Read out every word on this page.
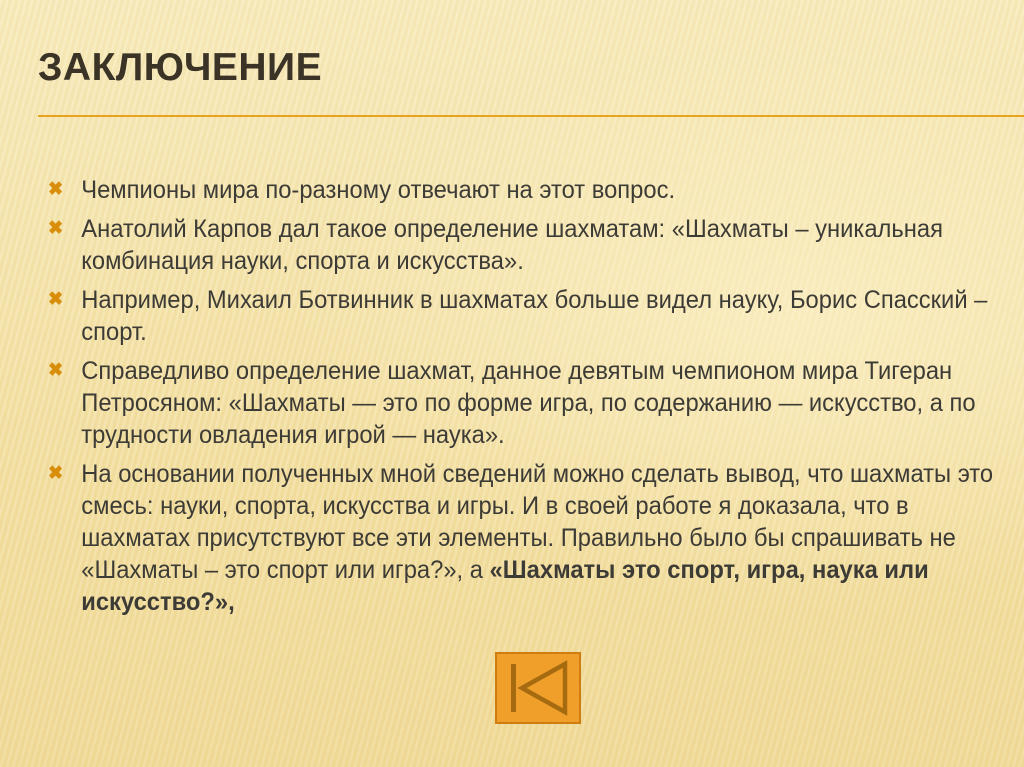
ЗАКЛЮЧЕНИЕ
✖ Чемпионы мира по-разному отвечают на этот вопрос.
✖ Анатолий Карпов дал такое определение шахматам: «Шахматы – уникальная комбинация науки, спорта и искусства».
✖ Например, Михаил Ботвинник в шахматах больше видел науку, Борис Спасский – спорт.
✖ Справедливо определение шахмат, данное девятым чемпионом мира Тигеран Петросяном: «Шахматы — это по форме игра, по содержанию — искусство, а по трудности овладения игрой — наука».
✖ На основании полученных мной сведений можно сделать вывод, что шахматы это смесь: науки, спорта, искусства и игры. И в своей работе я доказала, что в шахматах присутствуют все эти элементы. Правильно было бы спрашивать не «Шахматы – это спорт или игра?», а «Шахматы это спорт, игра, наука или искусство?»,
